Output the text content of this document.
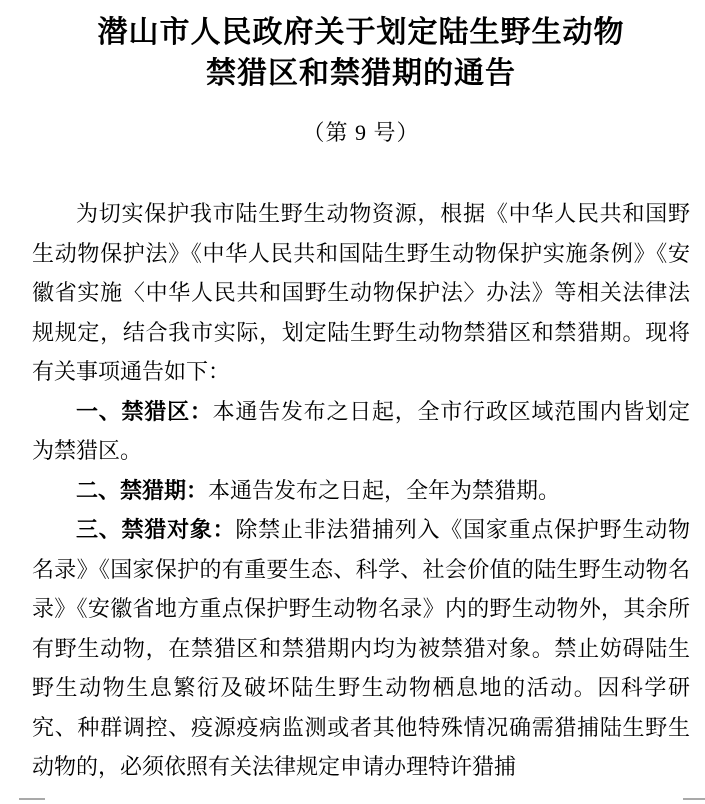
潜山市人民政府关于划定陆生野生动物
禁猎区和禁猎期的通告
（第 9 号）

为切实保护我市陆生野生动物资源，根据《中华人民共和国野生动物保护法》《中华人民共和国陆生野生动物保护实施条例》《安徽省实施〈中华人民共和国野生动物保护法〉办法》等相关法律法规规定，结合我市实际，划定陆生野生动物禁猎区和禁猎期。现将有关事项通告如下：

一、禁猎区：本通告发布之日起，全市行政区域范围内皆划定为禁猎区。

二、禁猎期：本通告发布之日起，全年为禁猎期。

三、禁猎对象：除禁止非法猎捕列入《国家重点保护野生动物名录》《国家保护的有重要生态、科学、社会价值的陆生野生动物名录》《安徽省地方重点保护野生动物名录》内的野生动物外，其余所有野生动物，在禁猎区和禁猎期内均为被禁猎对象。禁止妨碍陆生野生动物生息繁衍及破坏陆生野生动物栖息地的活动。因科学研究、种群调控、疫源疫病监测或者其他特殊情况确需猎捕陆生野生动物的，必须依照有关法律规定申请办理特许猎捕
